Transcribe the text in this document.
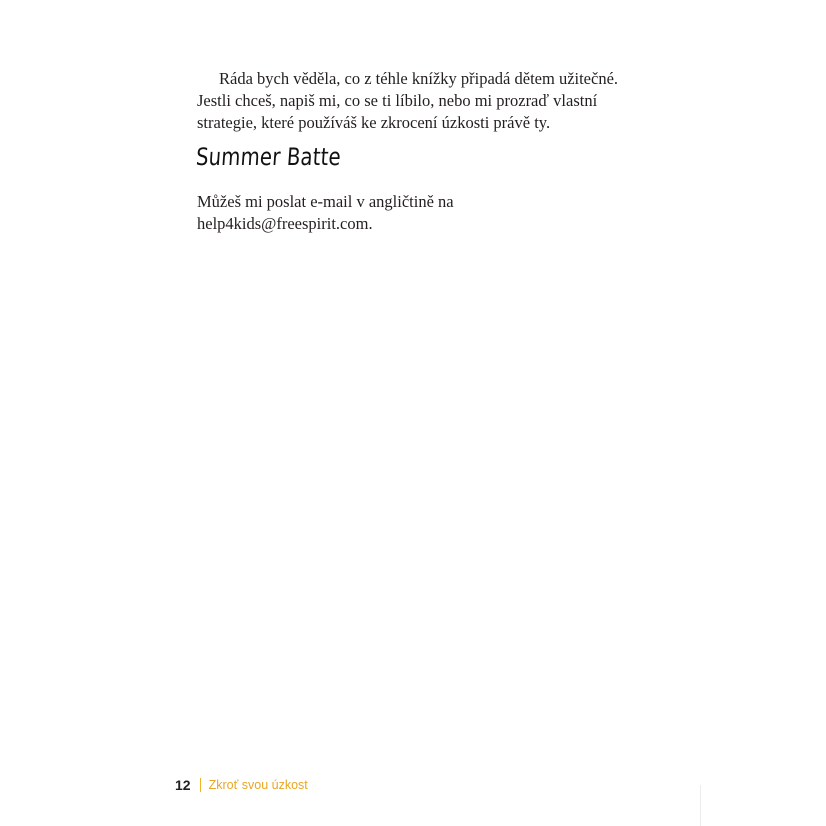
Ráda bych věděla, co z téhle knížky připadá dětem užitečné.
Jestli chceš, napiš mi, co se ti líbilo, nebo mi prozraď vlastní
strategie, které používáš ke zkrocení úzkosti právě ty.

Summer Batte

Můžeš mi poslat e-mail v angličtině na
help4kids@freespirit.com.

12 Zkroť svou úzkost
